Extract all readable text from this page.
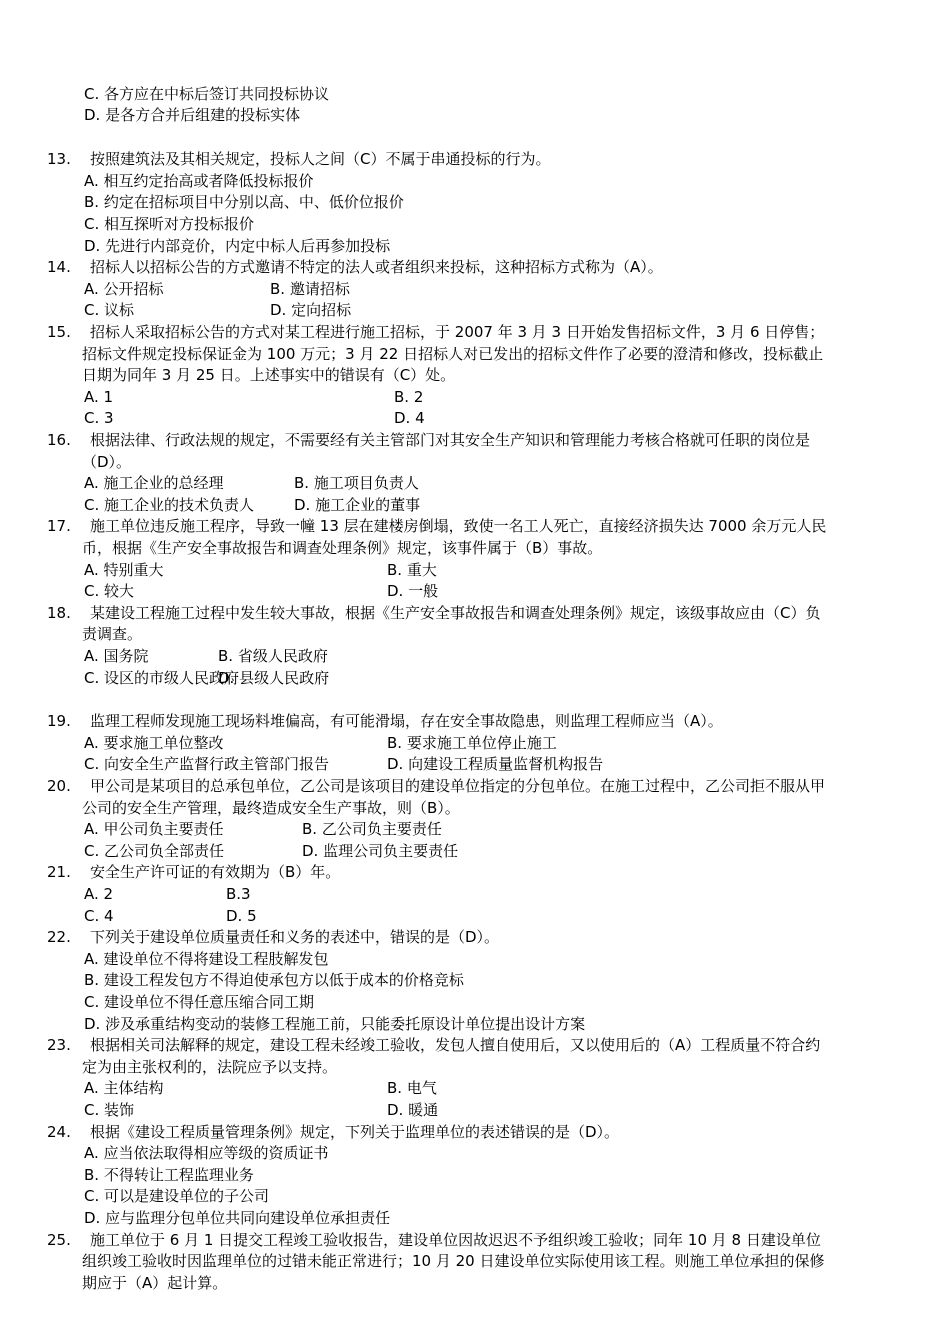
C. 各方应在中标后签订共同投标协议
D. 是各方合并后组建的投标实体
13. 按照建筑法及其相关规定，投标人之间（C）不属于串通投标的行为。
A. 相互约定抬高或者降低投标报价
B. 约定在招标项目中分别以高、中、低价位报价
C. 相互探听对方投标报价
D. 先进行内部竞价，内定中标人后再参加投标
14. 招标人以招标公告的方式邀请不特定的法人或者组织来投标，这种招标方式称为（A）。
A. 公开招标	B. 邀请招标
C. 议标	D. 定向招标
15. 招标人采取招标公告的方式对某工程进行施工招标，于 2007 年 3 月 3 日开始发售招标文件，3 月 6 日停售；
招标文件规定投标保证金为 100 万元；3 月 22 日招标人对已发出的招标文件作了必要的澄清和修改，投标截止
日期为同年 3 月 25 日。上述事实中的错误有（C）处。
A. 1	B. 2
C. 3	D. 4
16. 根据法律、行政法规的规定，不需要经有关主管部门对其安全生产知识和管理能力考核合格就可任职的岗位是
（D）。
A. 施工企业的总经理	B. 施工项目负责人
C. 施工企业的技术负责人	D. 施工企业的董事
17. 施工单位违反施工程序，导致一幢 13 层在建楼房倒塌，致使一名工人死亡，直接经济损失达 7000 余万元人民
币，根据《生产安全事故报告和调查处理条例》规定，该事件属于（B）事故。
A. 特别重大	B. 重大
C. 较大	D. 一般
18. 某建设工程施工过程中发生较大事故，根据《生产安全事故报告和调查处理条例》规定，该级事故应由（C）负
责调查。
A. 国务院	B. 省级人民政府
C. 设区的市级人民政府
D. 县级人民政府
19. 监理工程师发现施工现场料堆偏高，有可能滑塌，存在安全事故隐患，则监理工程师应当（A）。
A. 要求施工单位整改	B. 要求施工单位停止施工
C. 向安全生产监督行政主管部门报告	D. 向建设工程质量监督机构报告
20. 甲公司是某项目的总承包单位，乙公司是该项目的建设单位指定的分包单位。在施工过程中，乙公司拒不服从甲
公司的安全生产管理，最终造成安全生产事故，则（B）。
A. 甲公司负主要责任	B. 乙公司负主要责任
C. 乙公司负全部责任	D. 监理公司负主要责任
21. 安全生产许可证的有效期为（B）年。
A. 2	B.3
C. 4	D. 5
22. 下列关于建设单位质量责任和义务的表述中，错误的是（D）。
A. 建设单位不得将建设工程肢解发包
B. 建设工程发包方不得迫使承包方以低于成本的价格竞标
C. 建设单位不得任意压缩合同工期
D. 涉及承重结构变动的装修工程施工前，只能委托原设计单位提出设计方案
23. 根据相关司法解释的规定，建设工程未经竣工验收，发包人擅自使用后，又以使用后的（A）工程质量不符合约
定为由主张权利的，法院应予以支持。
A. 主体结构	B. 电气
C. 装饰	D. 暖通
24. 根据《建设工程质量管理条例》规定，下列关于监理单位的表述错误的是（D）。
A. 应当依法取得相应等级的资质证书
B. 不得转让工程监理业务
C. 可以是建设单位的子公司
D. 应与监理分包单位共同向建设单位承担责任
25. 施工单位于 6 月 1 日提交工程竣工验收报告，建设单位因故迟迟不予组织竣工验收；同年 10 月 8 日建设单位
组织竣工验收时因监理单位的过错未能正常进行；10 月 20 日建设单位实际使用该工程。则施工单位承担的保修
期应于（A）起计算。
